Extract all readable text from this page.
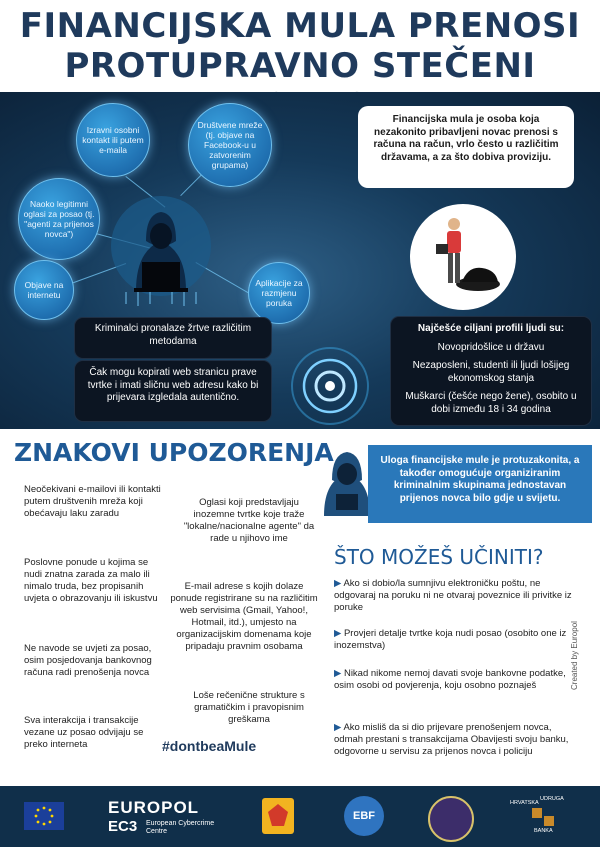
FINANCIJSKA MULA PRENOSI
PROTUPRAVNO STEČENI
Izravni osobni kontakt ili putem e-maila
Društvene mreže (tj. objave na Facebook-u u zatvorenim grupama)
Naoko legitimni oglasi za posao (tj. "agenti za prijenos novca")
Objave na internetu
Aplikacije za razmjenu poruka
Financijska mula je osoba koja nezakonito pribavljeni novac prenosi s računa na račun, vrlo često u različitim državama, a za što dobiva proviziju.
Kriminalci pronalaze žrtve različitim metodama
Čak mogu kopirati web stranicu prave tvrtke i imati sličnu web adresu kako bi prijevara izgledala autentično.
Najčešće ciljani profili ljudi su:
Novopridošlice u državu
Nezaposleni, studenti ili ljudi lošijeg ekonomskog stanja
Muškarci (češće nego žene), osobito u dobi između 18 i 34 godina
ZNAKOVI UPOZORENJA
Neočekivani e-mailovi ili kontakti putem društvenih mreža koji obećavaju laku zaradu
Oglasi koji predstavljaju inozemne tvrtke koje traže "lokalne/nacionalne agente" da rade u njihovo ime
Poslovne ponude u kojima se nudi znatna zarada za malo ili nimalo truda, bez propisanih uvjeta o obrazovanju ili iskustvu
E-mail adrese s kojih dolaze ponude registrirane su na različitim web servisima (Gmail, Yahoo!, Hotmail, itd.), umjesto na organizacijskim domenama koje pripadaju pravnim osobama
Ne navode se uvjeti za posao, osim posjedovanja bankovnog računa radi prenošenja novca
Loše rečenične strukture s gramatičkim i pravopisnim greškama
Sva interakcija i transakcije vezane uz posao odvijaju se preko interneta	#dontbeaMule
Uloga financijske mule je protuzakonita, a također omogućuje organiziranim kriminalnim skupinama jednostavan prijenos novca bilo gdje u svijetu.
ŠTO MOŽEŠ UČINITI?
▶ Ako si dobio/la sumnjivu elektroničku poštu, ne odgovaraj na poruku ni ne otvaraj poveznice ili privitke iz poruke
▶ Provjeri detalje tvrtke koja nudi posao (osobito one iz inozemstva)
▶ Nikad nikome nemoj davati svoje bankovne podatke, osim osobi od povjerenja, koju osobno poznaješ
▶ Ako misliš da si dio prijevare prenošenjem novca, odmah prestani s transakcijama Obavijesti svoju banku, odgovorne u servisu za prijenos novca i policiju
Created by Europol
EUROPOL
EC3 European Cybercrime Centre
EBF
HRVATSKA
UDRUGA
BANKA
